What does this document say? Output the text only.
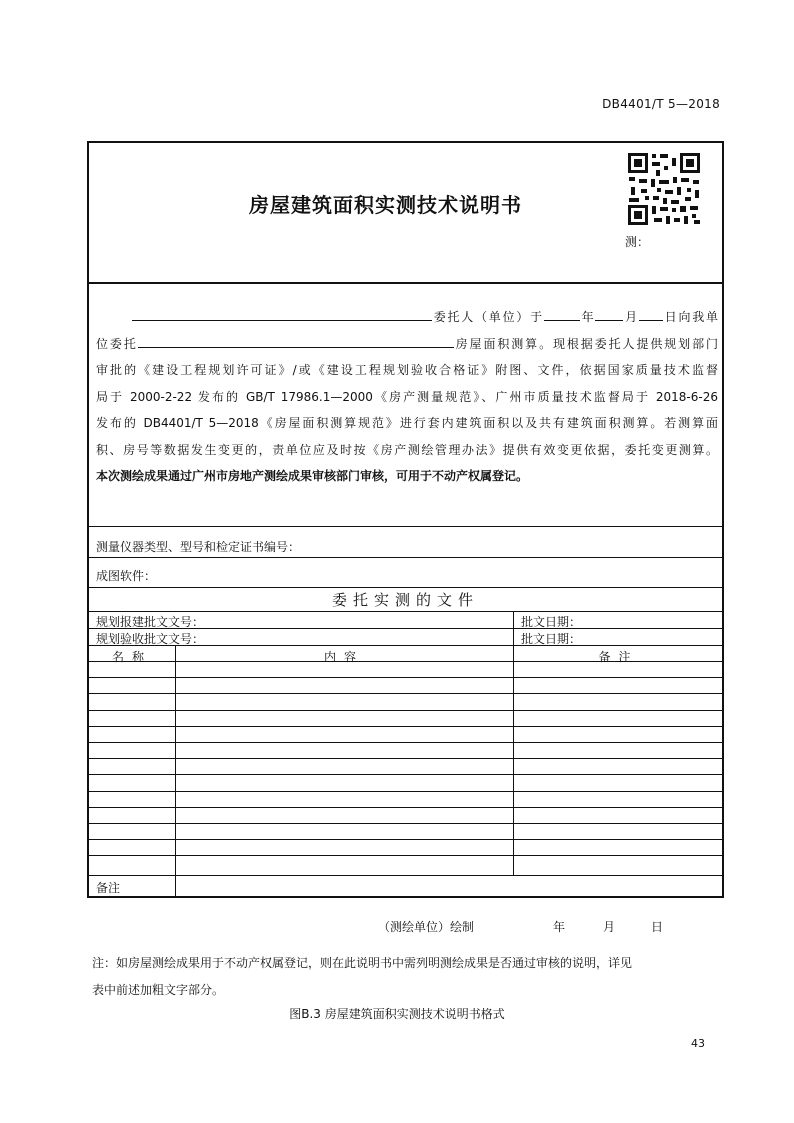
DB4401/T 5—2018
房屋建筑面积实测技术说明书
测：

委托人（单位）于	年 月 日向我单

位委托	房屋面积测算。现根据委托人提供规划部门

审批的《建设工程规划许可证》/或《建设工程规划验收合格证》附图、文件，依据国家质量技术监督

局于 2000-2-22 发布的 GB/T 17986.1—2000《房产测量规范》、广州市质量技术监督局于 2018-6-26

发布的 DB4401/T 5—2018《房屋面积测算规范》进行套内建筑面积以及共有建筑面积测算。若测算面

积、房号等数据发生变更的，责单位应及时按《房产测绘管理办法》提供有效变更依据，委托变更测算。

本次测绘成果通过广州市房地产测绘成果审核部门审核，可用于不动产权属登记。

测量仪器类型、型号和检定证书编号：
成图软件：
委托实测的文件
规划报建批文文号：	批文日期：
规划验收批文文号：	批文日期：
名称	内容	备注
备注
（测绘单位）绘制	年	月	日

注：如房屋测绘成果用于不动产权属登记，则在此说明书中需列明测绘成果是否通过审核的说明，详见

表中前述加粗文字部分。

图B.3 房屋建筑面积实测技术说明书格式
43
